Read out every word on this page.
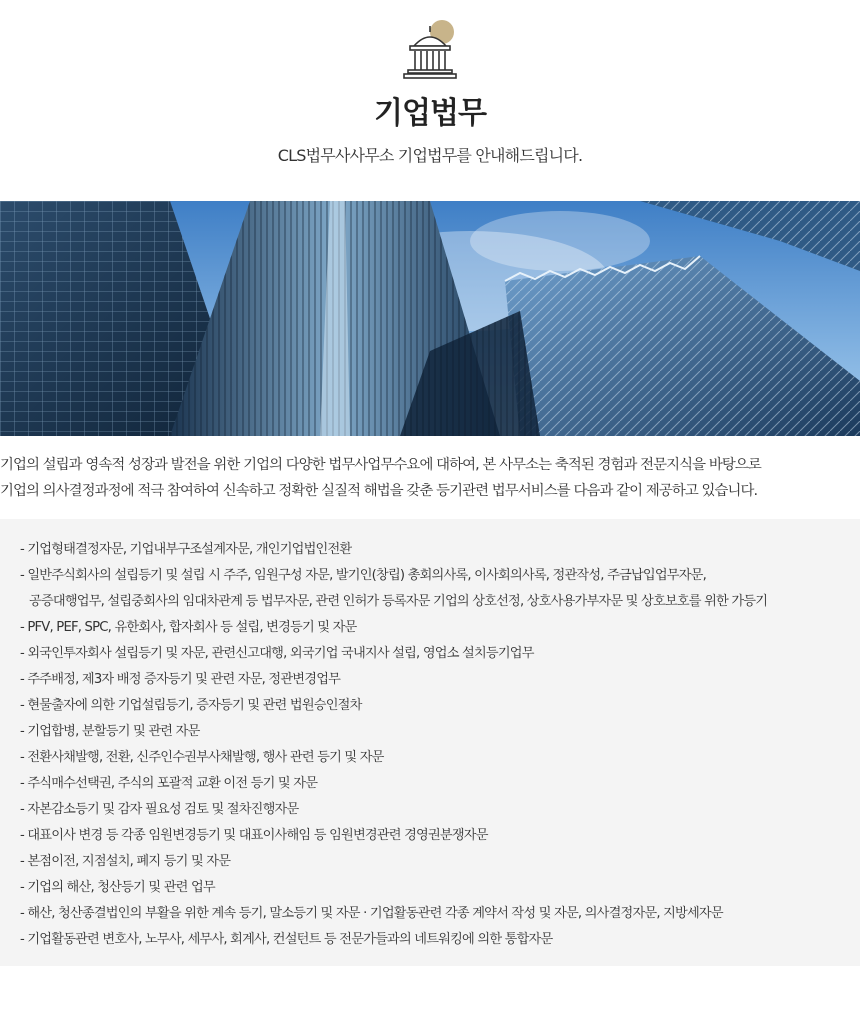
기업법무
CLS법무사사무소 기업법무를 안내해드립니다.
기업의 설립과 영속적 성장과 발전을 위한 기업의 다양한 법무사업무수요에 대하여, 본 사무소는 축적된 경험과 전문지식을 바탕으로
기업의 의사결정과정에 적극 참여하여 신속하고 정확한 실질적 해법을 갖춘 등기관련 법무서비스를 다음과 같이 제공하고 있습니다.
- 기업형태결정자문, 기업내부구조설계자문, 개인기업법인전환
- 일반주식회사의 설립등기 및 설립 시 주주, 임원구성 자문, 발기인(창립) 총회의사록, 이사회의사록, 정관작성, 주금납입업무자문,
공증대행업무, 설립중회사의 임대차관계 등 법무자문, 관련 인허가 등록자문 기업의 상호선정, 상호사용가부자문 및 상호보호를 위한 가등기
- PFV, PEF, SPC, 유한회사, 합자회사 등 설립, 변경등기 및 자문
- 외국인투자회사 설립등기 및 자문, 관련신고대행, 외국기업 국내지사 설립, 영업소 설치등기업무
- 주주배정, 제3자 배정 증자등기 및 관련 자문, 정관변경업무
- 현물출자에 의한 기업설립등기, 증자등기 및 관련 법원승인절차
- 기업합병, 분할등기 및 관련 자문
- 전환사채발행, 전환, 신주인수권부사채발행, 행사 관련 등기 및 자문
- 주식매수선택권, 주식의 포괄적 교환 이전 등기 및 자문
- 자본감소등기 및 감자 필요성 검토 및 절차진행자문
- 대표이사 변경 등 각종 임원변경등기 및 대표이사해임 등 임원변경관련 경영권분쟁자문
- 본점이전, 지점설치, 폐지 등기 및 자문
- 기업의 해산, 청산등기 및 관련 업무
- 해산, 청산종결법인의 부활을 위한 계속 등기, 말소등기 및 자문 · 기업활동관련 각종 계약서 작성 및 자문, 의사결정자문, 지방세자문
- 기업활동관련 변호사, 노무사, 세무사, 회계사, 컨설턴트 등 전문가들과의 네트워킹에 의한 통합자문
